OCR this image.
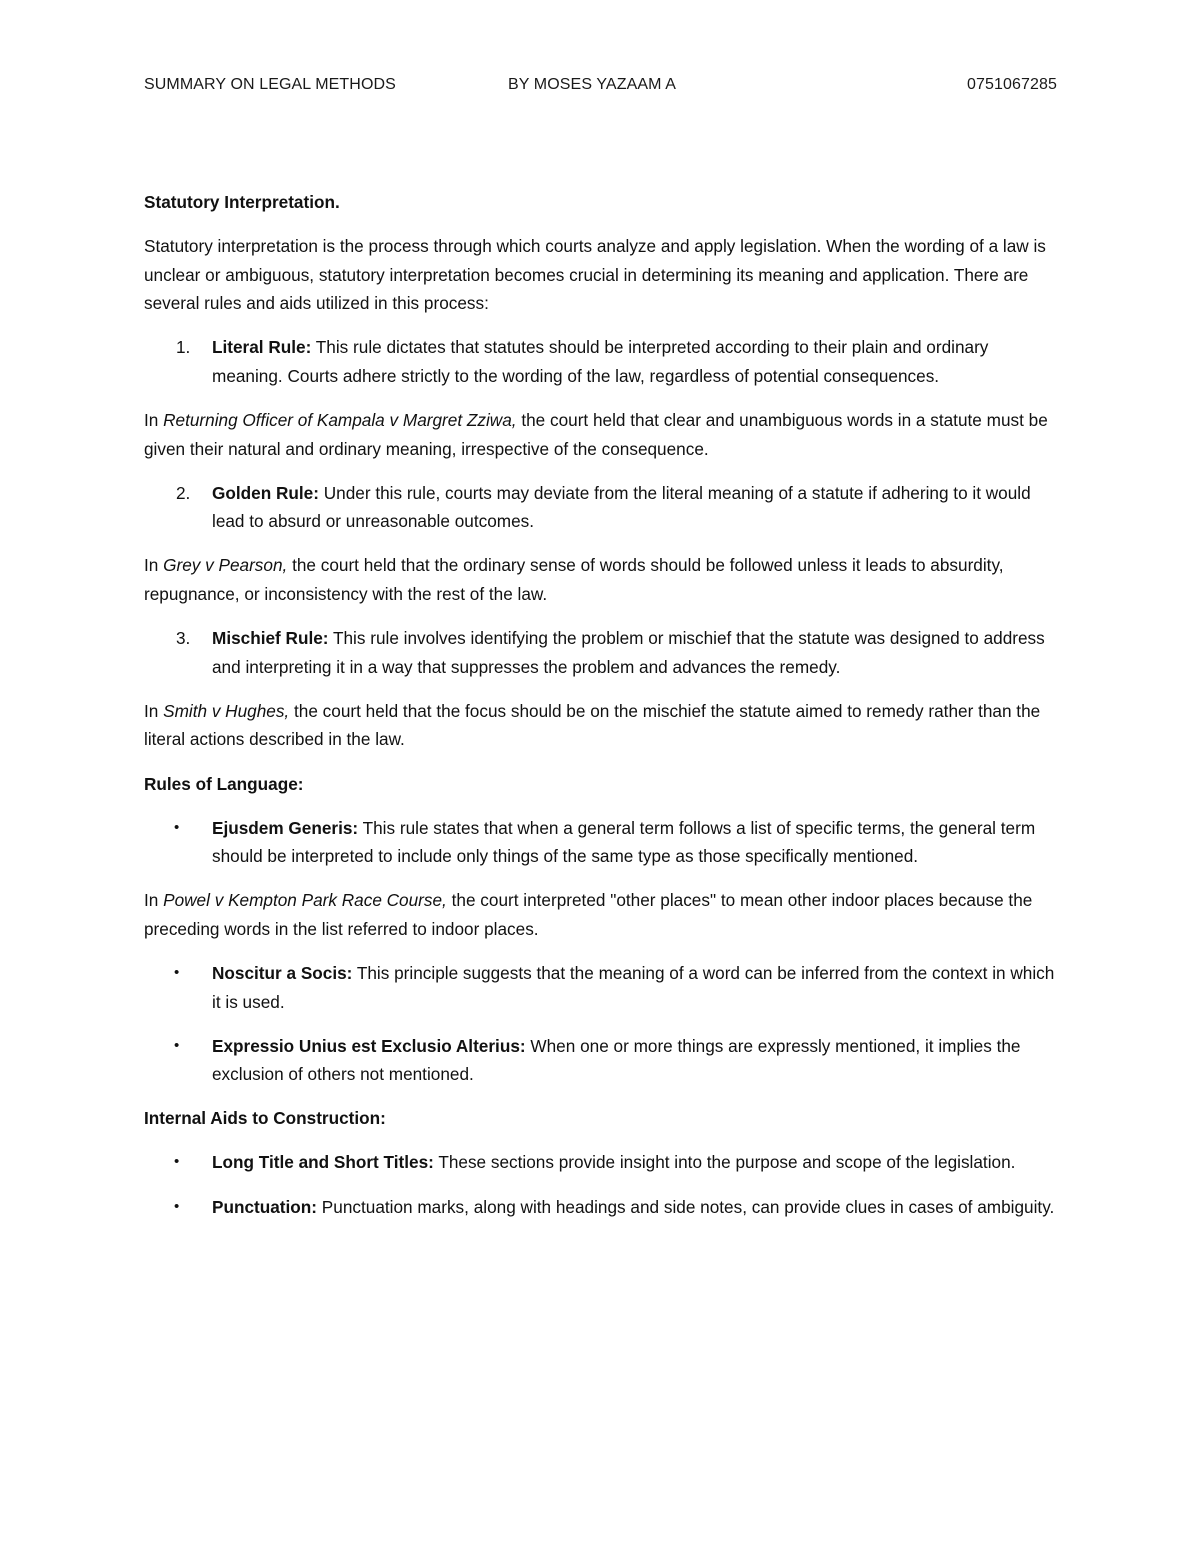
SUMMARY ON LEGAL METHODS	BY MOSES YAZAAM A	0751067285

Statutory Interpretation.

Statutory interpretation is the process through which courts analyze and apply legislation. When the wording of a law is unclear or ambiguous, statutory interpretation becomes crucial in determining its meaning and application. There are several rules and aids utilized in this process:

1. Literal Rule: This rule dictates that statutes should be interpreted according to their plain and ordinary meaning. Courts adhere strictly to the wording of the law, regardless of potential consequences.

In Returning Officer of Kampala v Margret Zziwa, the court held that clear and unambiguous words in a statute must be given their natural and ordinary meaning, irrespective of the consequence.

2. Golden Rule: Under this rule, courts may deviate from the literal meaning of a statute if adhering to it would lead to absurd or unreasonable outcomes.

In Grey v Pearson, the court held that the ordinary sense of words should be followed unless it leads to absurdity, repugnance, or inconsistency with the rest of the law.

3. Mischief Rule: This rule involves identifying the problem or mischief that the statute was designed to address and interpreting it in a way that suppresses the problem and advances the remedy.

In Smith v Hughes, the court held that the focus should be on the mischief the statute aimed to remedy rather than the literal actions described in the law.

Rules of Language:

• Ejusdem Generis: This rule states that when a general term follows a list of specific terms, the general term should be interpreted to include only things of the same type as those specifically mentioned.

In Powel v Kempton Park Race Course, the court interpreted "other places" to mean other indoor places because the preceding words in the list referred to indoor places.

• Noscitur a Socis: This principle suggests that the meaning of a word can be inferred from the context in which it is used.
• Expressio Unius est Exclusio Alterius: When one or more things are expressly mentioned, it implies the exclusion of others not mentioned.

Internal Aids to Construction:

• Long Title and Short Titles: These sections provide insight into the purpose and scope of the legislation.
• Punctuation: Punctuation marks, along with headings and side notes, can provide clues in cases of ambiguity.
